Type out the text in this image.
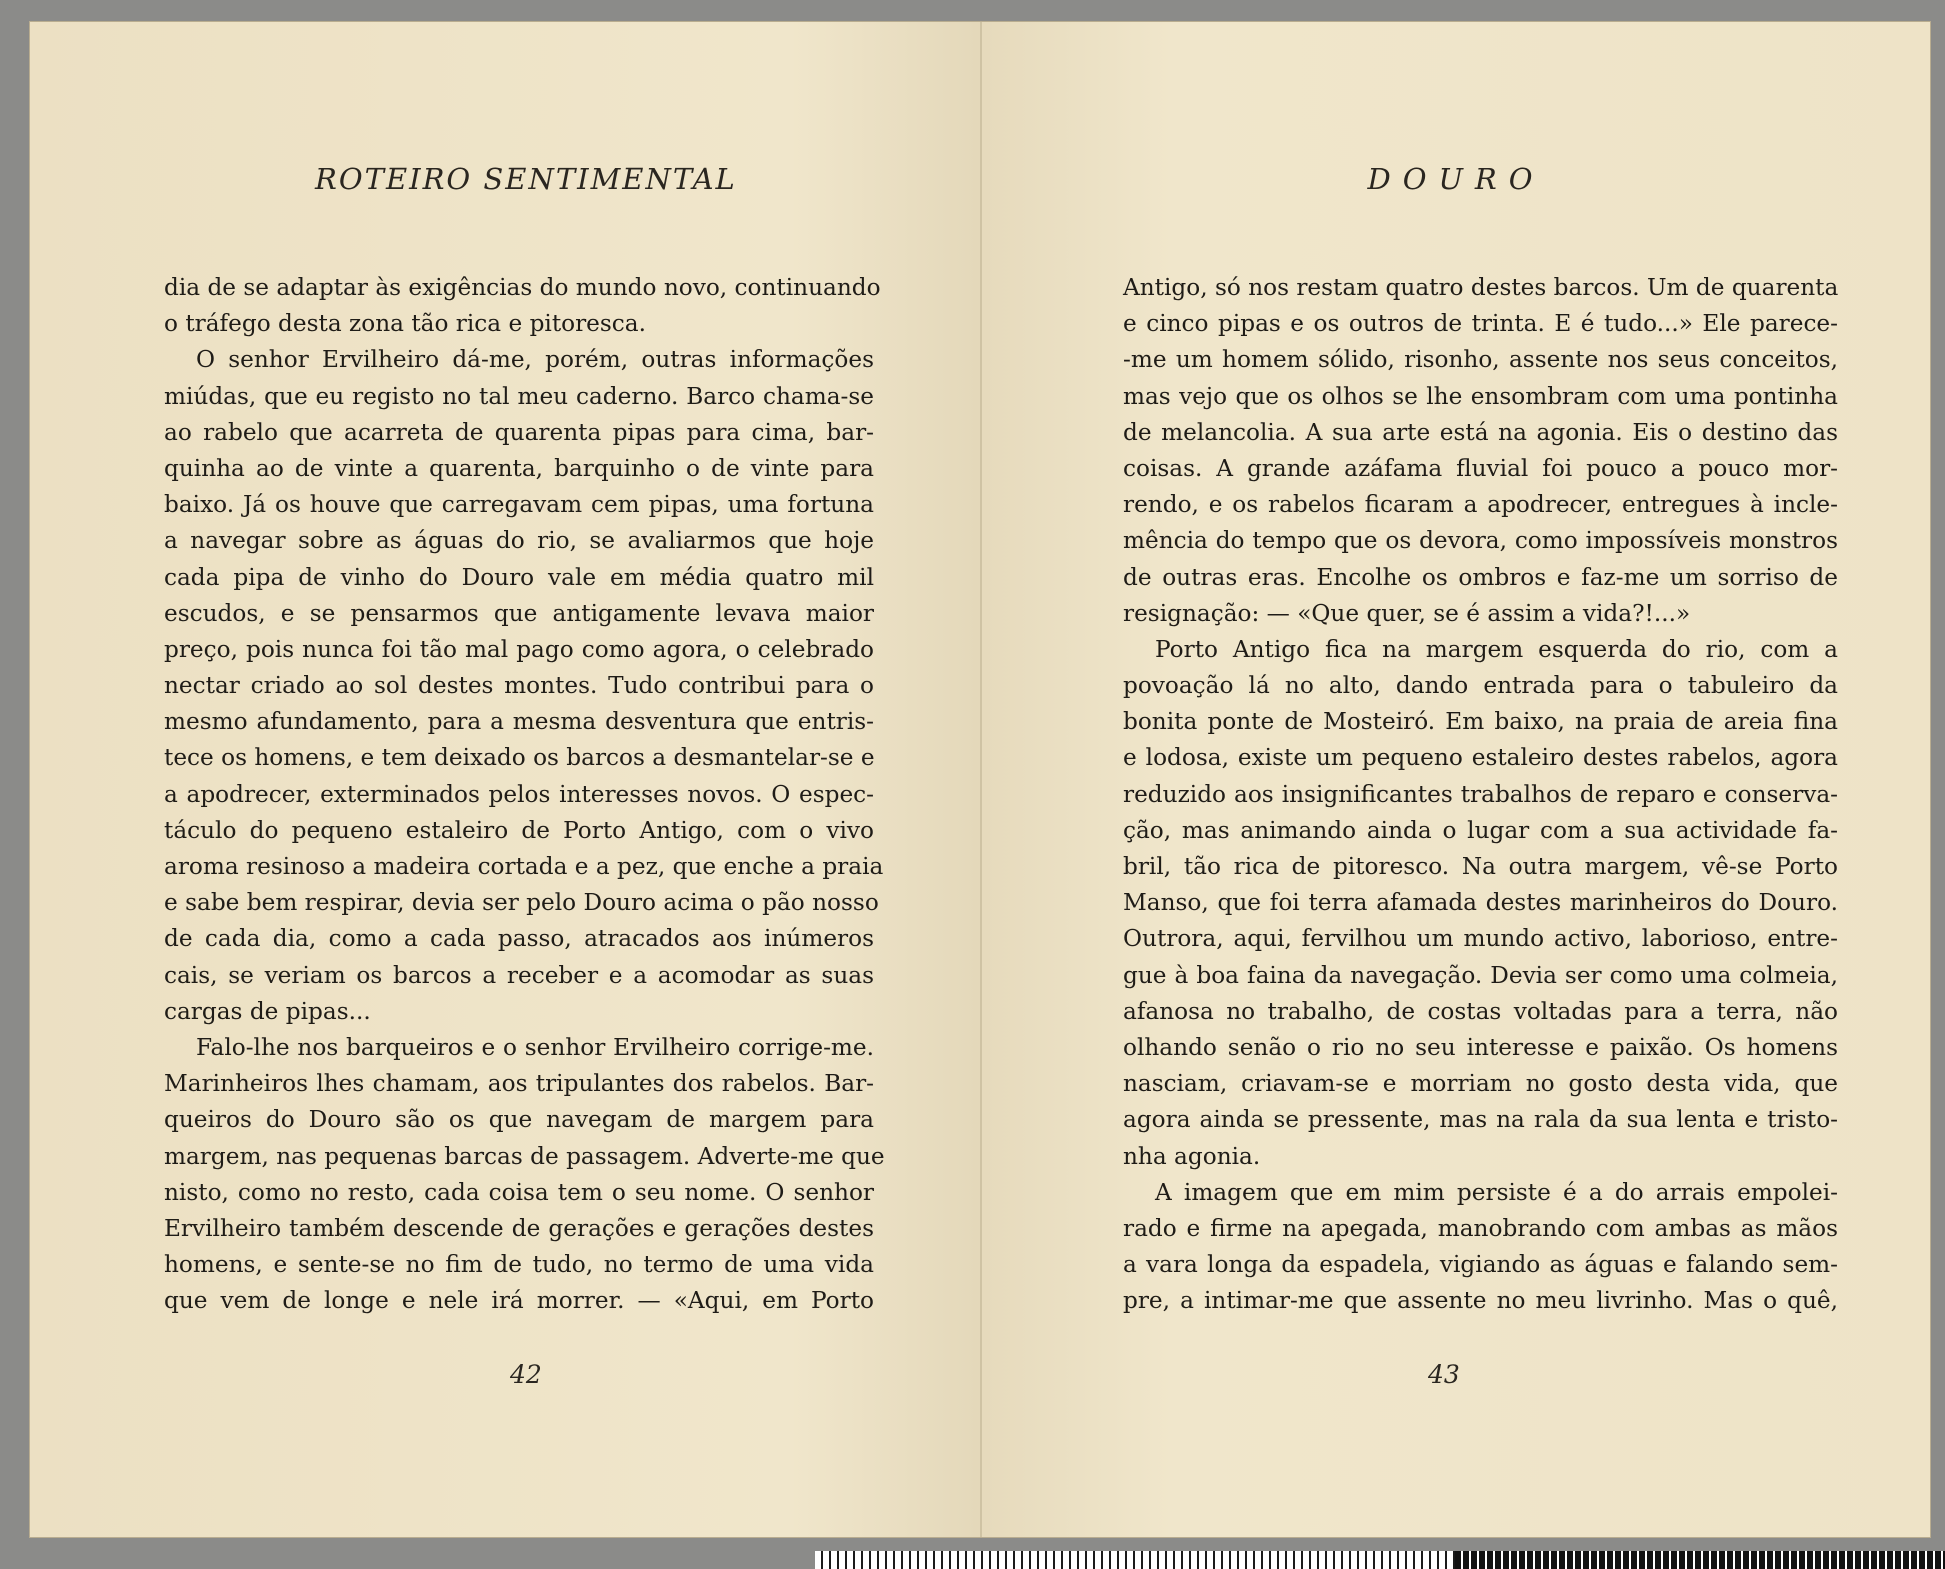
ROTEIRO SENTIMENTAL
dia de se adaptar às exigências do mundo novo, continuando
o tráfego desta zona tão rica e pitoresca.
O senhor Ervilheiro dá-me, porém, outras informações
miúdas, que eu registo no tal meu caderno. Barco chama-se
ao rabelo que acarreta de quarenta pipas para cima, bar-
quinha ao de vinte a quarenta, barquinho o de vinte para
baixo. Já os houve que carregavam cem pipas, uma fortuna
a navegar sobre as águas do rio, se avaliarmos que hoje
cada pipa de vinho do Douro vale em média quatro mil
escudos, e se pensarmos que antigamente levava maior
preço, pois nunca foi tão mal pago como agora, o celebrado
nectar criado ao sol destes montes. Tudo contribui para o
mesmo afundamento, para a mesma desventura que entris-
tece os homens, e tem deixado os barcos a desmantelar-se e
a apodrecer, exterminados pelos interesses novos. O espec-
táculo do pequeno estaleiro de Porto Antigo, com o vivo
aroma resinoso a madeira cortada e a pez, que enche a praia
e sabe bem respirar, devia ser pelo Douro acima o pão nosso
de cada dia, como a cada passo, atracados aos inúmeros
cais, se veriam os barcos a receber e a acomodar as suas
cargas de pipas...
Falo-lhe nos barqueiros e o senhor Ervilheiro corrige-me.
Marinheiros lhes chamam, aos tripulantes dos rabelos. Bar-
queiros do Douro são os que navegam de margem para
margem, nas pequenas barcas de passagem. Adverte-me que
nisto, como no resto, cada coisa tem o seu nome. O senhor
Ervilheiro também descende de gerações e gerações destes
homens, e sente-se no fim de tudo, no termo de uma vida
que vem de longe e nele irá morrer. — «Aqui, em Porto
42
DOURO
Antigo, só nos restam quatro destes barcos. Um de quarenta
e cinco pipas e os outros de trinta. E é tudo...» Ele parece-
-me um homem sólido, risonho, assente nos seus conceitos,
mas vejo que os olhos se lhe ensombram com uma pontinha
de melancolia. A sua arte está na agonia. Eis o destino das
coisas. A grande azáfama fluvial foi pouco a pouco mor-
rendo, e os rabelos ficaram a apodrecer, entregues à incle-
mência do tempo que os devora, como impossíveis monstros
de outras eras. Encolhe os ombros e faz-me um sorriso de
resignação: — «Que quer, se é assim a vida?!...»
Porto Antigo fica na margem esquerda do rio, com a
povoação lá no alto, dando entrada para o tabuleiro da
bonita ponte de Mosteiró. Em baixo, na praia de areia fina
e lodosa, existe um pequeno estaleiro destes rabelos, agora
reduzido aos insignificantes trabalhos de reparo e conserva-
ção, mas animando ainda o lugar com a sua actividade fa-
bril, tão rica de pitoresco. Na outra margem, vê-se Porto
Manso, que foi terra afamada destes marinheiros do Douro.
Outrora, aqui, fervilhou um mundo activo, laborioso, entre-
gue à boa faina da navegação. Devia ser como uma colmeia,
afanosa no trabalho, de costas voltadas para a terra, não
olhando senão o rio no seu interesse e paixão. Os homens
nasciam, criavam-se e morriam no gosto desta vida, que
agora ainda se pressente, mas na rala da sua lenta e tristo-
nha agonia.
A imagem que em mim persiste é a do arrais empolei-
rado e firme na apegada, manobrando com ambas as mãos
a vara longa da espadela, vigiando as águas e falando sem-
pre, a intimar-me que assente no meu livrinho. Mas o quê,
43
